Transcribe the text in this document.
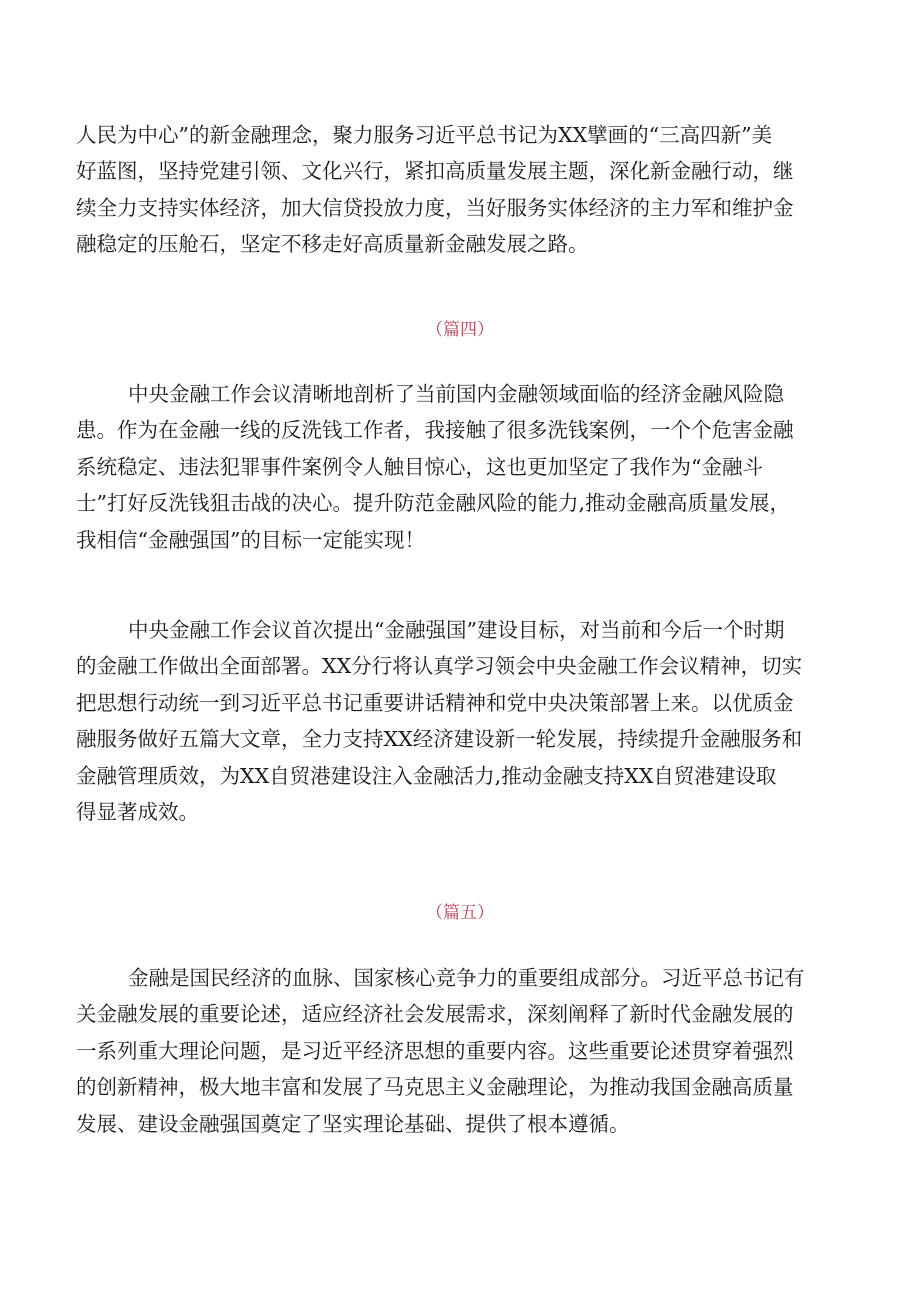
人民为中心”的新金融理念，聚力服务习近平总书记为XX擘画的“三高四新”美
好蓝图，坚持党建引领、文化兴行，紧扣高质量发展主题，深化新金融行动，继
续全力支持实体经济，加大信贷投放力度，当好服务实体经济的主力军和维护金
融稳定的压舱石，坚定不移走好高质量新金融发展之路。
（篇四）
中央金融工作会议清晰地剖析了当前国内金融领域面临的经济金融风险隐
患。作为在金融一线的反洗钱工作者，我接触了很多洗钱案例，一个个危害金融
系统稳定、违法犯罪事件案例令人触目惊心，这也更加坚定了我作为“金融斗
士”打好反洗钱狙击战的决心。提升防范金融风险的能力,推动金融高质量发展，
我相信“金融强国”的目标一定能实现！
中央金融工作会议首次提出“金融强国”建设目标，对当前和今后一个时期
的金融工作做出全面部署。XX分行将认真学习领会中央金融工作会议精神，切实
把思想行动统一到习近平总书记重要讲话精神和党中央决策部署上来。以优质金
融服务做好五篇大文章，全力支持XX经济建设新一轮发展，持续提升金融服务和
金融管理质效，为XX自贸港建设注入金融活力,推动金融支持XX自贸港建设取
得显著成效。
（篇五）
金融是国民经济的血脉、国家核心竞争力的重要组成部分。习近平总书记有
关金融发展的重要论述，适应经济社会发展需求，深刻阐释了新时代金融发展的
一系列重大理论问题，是习近平经济思想的重要内容。这些重要论述贯穿着强烈
的创新精神，极大地丰富和发展了马克思主义金融理论，为推动我国金融高质量
发展、建设金融强国奠定了坚实理论基础、提供了根本遵循。
